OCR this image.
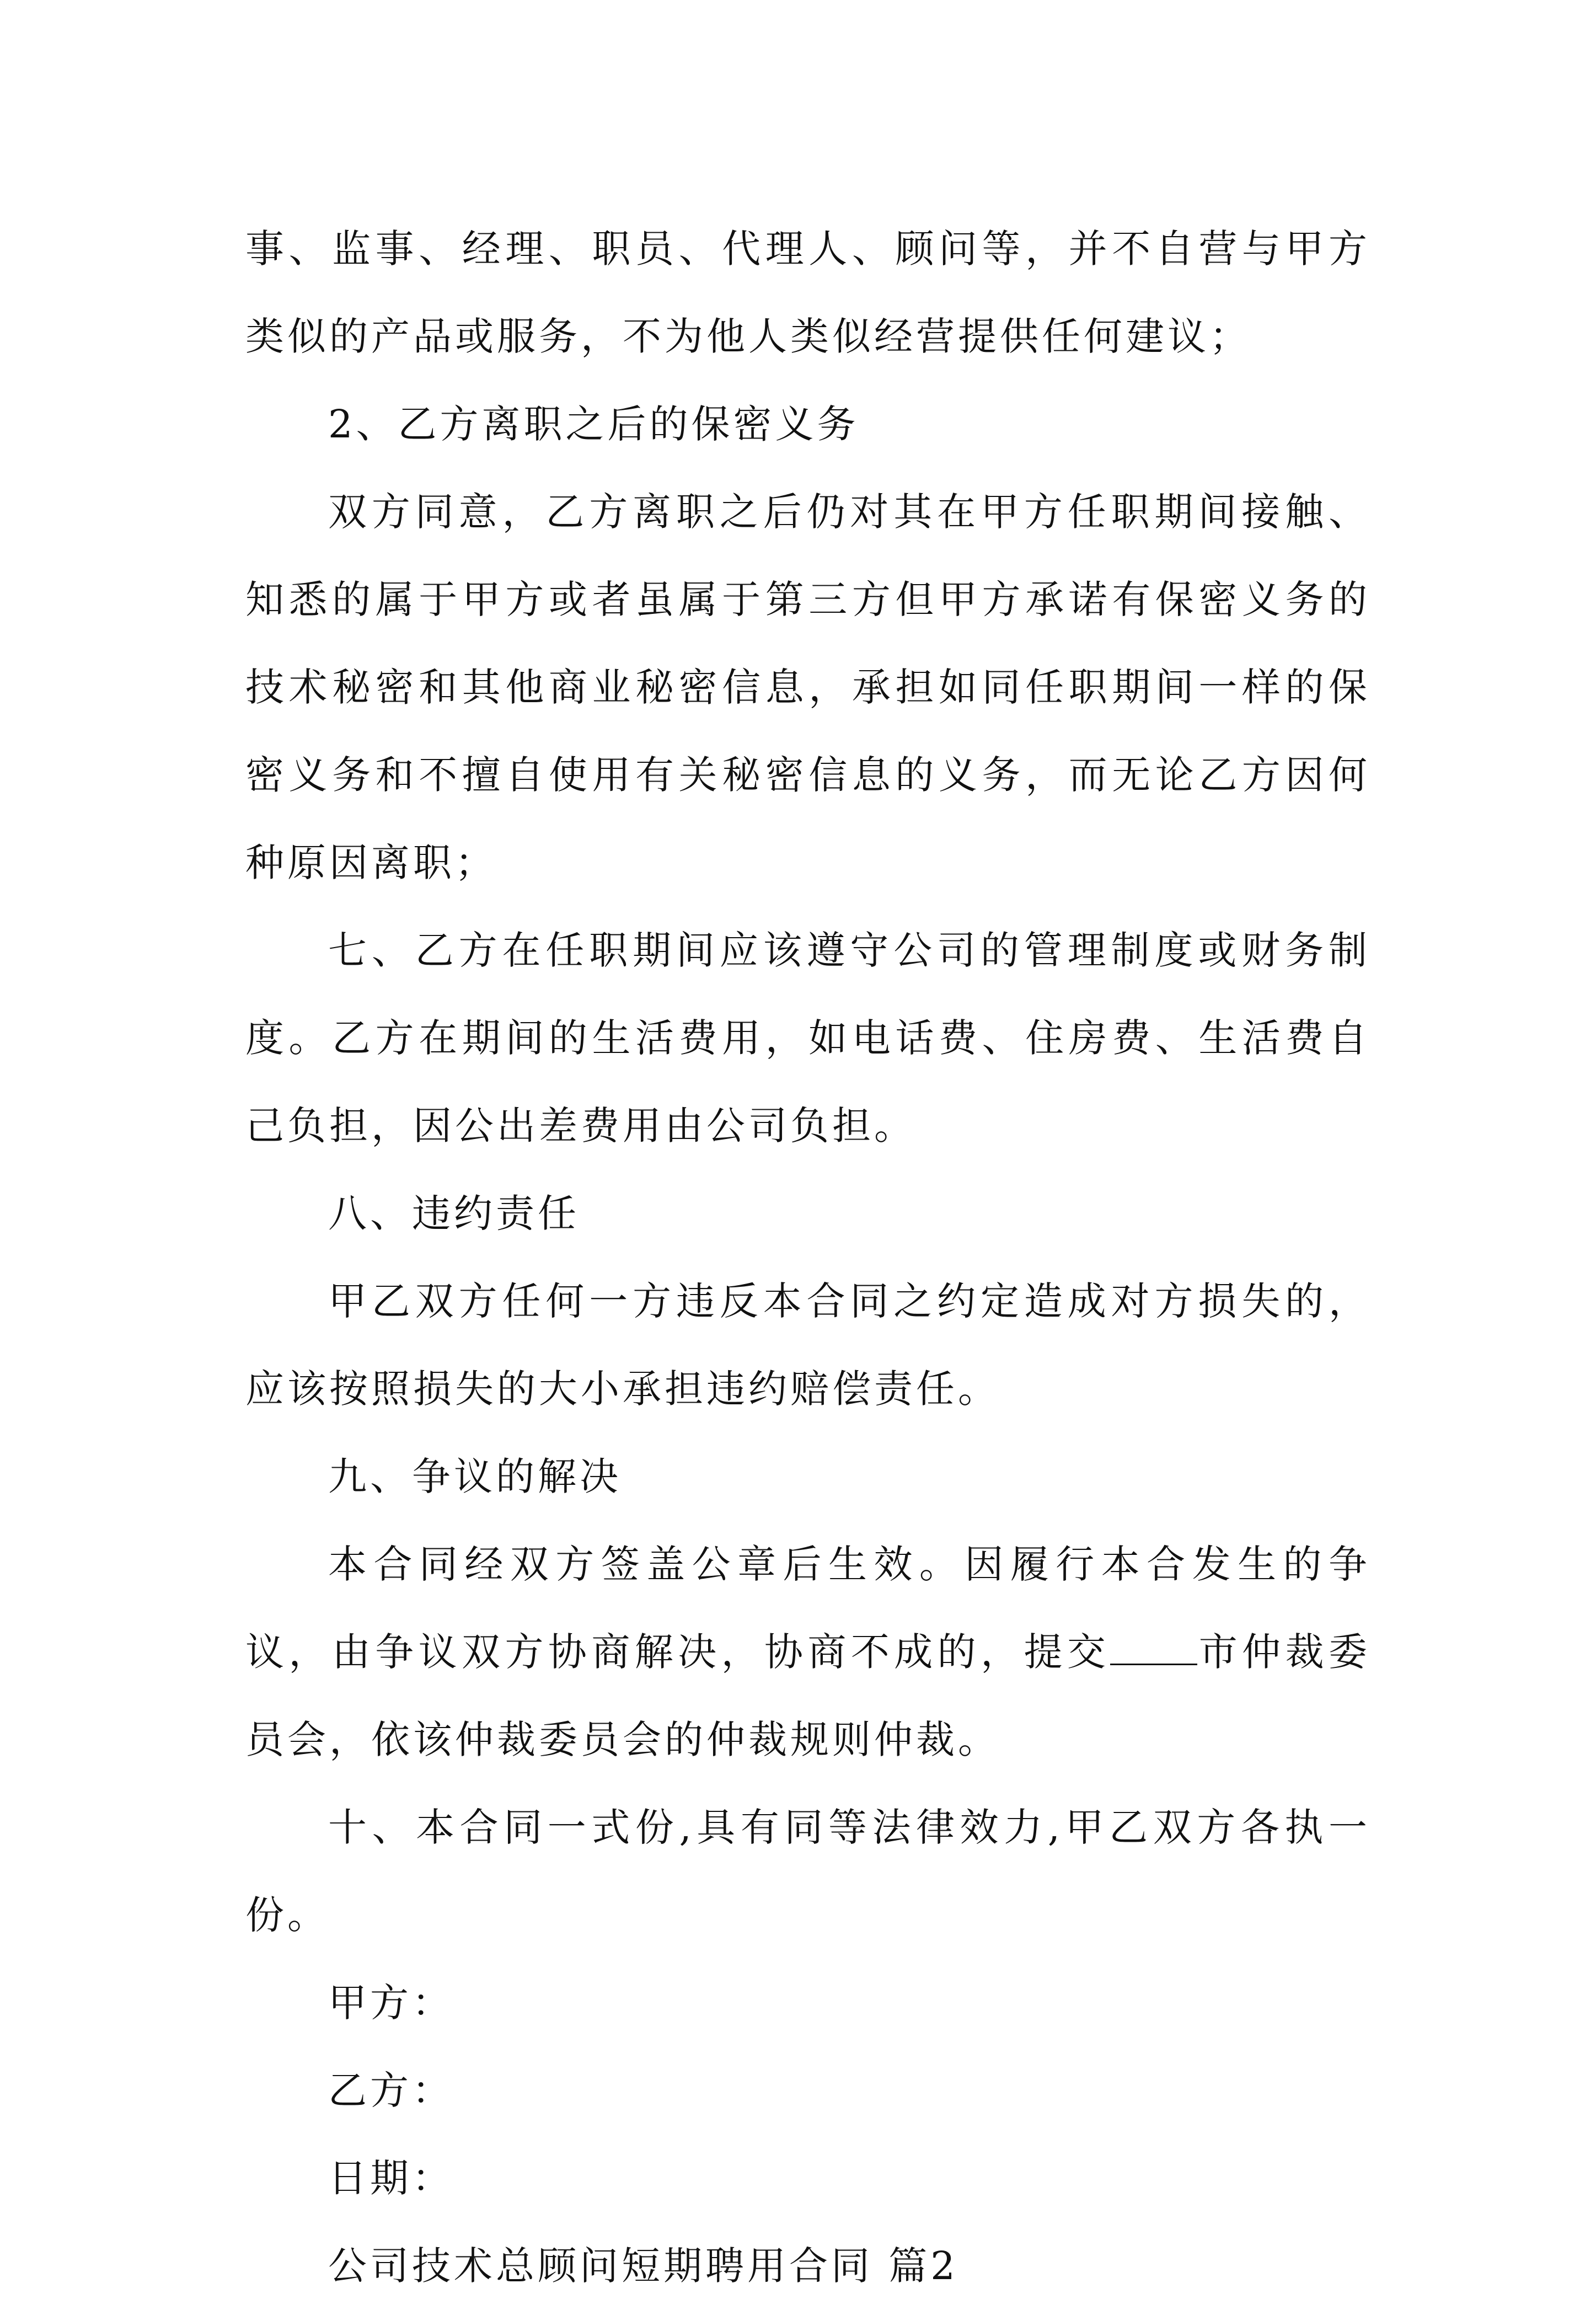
事、监事、经理、职员、代理人、顾问等，并不自营与甲方类似的产品或服务，不为他人类似经营提供任何建议；

2、乙方离职之后的保密义务

双方同意，乙方离职之后仍对其在甲方任职期间接触、知悉的属于甲方或者虽属于第三方但甲方承诺有保密义务的技术秘密和其他商业秘密信息，承担如同任职期间一样的保密义务和不擅自使用有关秘密信息的义务，而无论乙方因何种原因离职；

七、乙方在任职期间应该遵守公司的管理制度或财务制度。乙方在期间的生活费用，如电话费、住房费、生活费自己负担，因公出差费用由公司负担。

八、违约责任

甲乙双方任何一方违反本合同之约定造成对方损失的，应该按照损失的大小承担违约赔偿责任。

九、争议的解决

本合同经双方签盖公章后生效。因履行本合发生的争议，由争议双方协商解决，协商不成的，提交 市仲裁委员会，依该仲裁委员会的仲裁规则仲裁。

十、本合同一式份,具有同等法律效力,甲乙双方各执一份。

甲方：

乙方：

日期：

公司技术总顾问短期聘用合同 篇2
